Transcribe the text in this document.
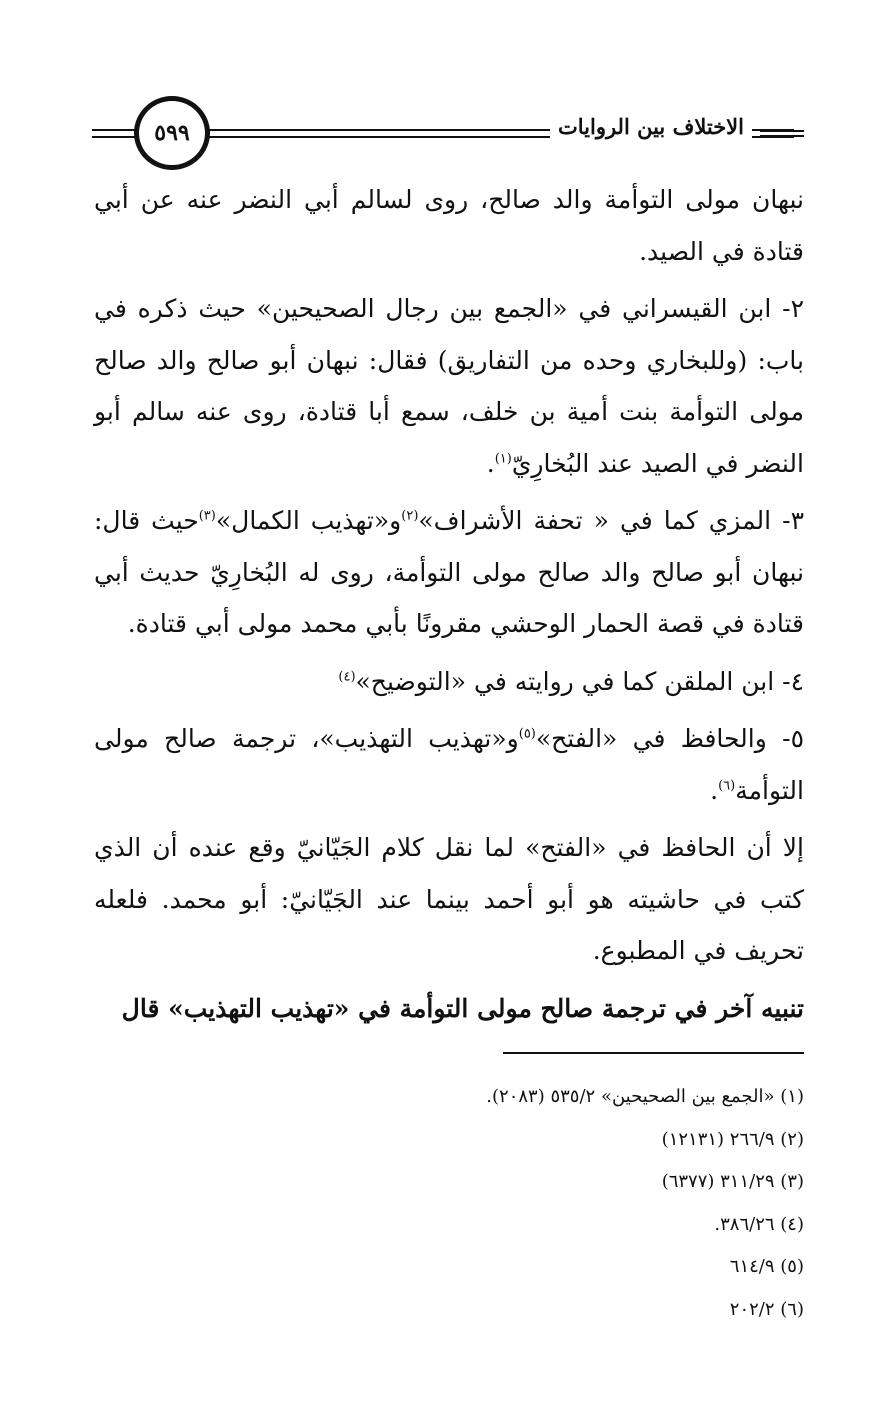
الاختلاف بين الروايات
٥٩٩

نبهان مولى التوأمة والد صالح، روى لسالم أبي النضر عنه عن أبي قتادة في الصيد.

٢- ابن القيسراني في «الجمع بين رجال الصحيحين» حيث ذكره في باب: (وللبخاري وحده من التفاريق) فقال: نبهان أبو صالح والد صالح مولى التوأمة بنت أمية بن خلف، سمع أبا قتادة، روى عنه سالم أبو النضر في الصيد عند البُخارِيّ$^{(١)}$.

٣- المزي كما في « تحفة الأشراف»$^{(٢)}$و«تهذيب الكمال»$^{(٣)}$حيث قال: نبهان أبو صالح والد صالح مولى التوأمة، روى له البُخارِيّ حديث أبي قتادة في قصة الحمار الوحشي مقرونًا بأبي محمد مولى أبي قتادة.

٤- ابن الملقن كما في روايته في «التوضيح»$^{(٤)}$

٥- والحافظ في «الفتح»$^{(٥)}$و«تهذيب التهذيب»، ترجمة صالح مولى التوأمة$^{(٦)}$.

إلا أن الحافظ في «الفتح» لما نقل كلام الجَيّانيّ وقع عنده أن الذي كتب في حاشيته هو أبو أحمد بينما عند الجَيّانيّ: أبو محمد. فلعله تحريف في المطبوع.

تنبيه آخر في ترجمة صالح مولى التوأمة في «تهذيب التهذيب» قال

(١) «الجمع بين الصحيحين» ٥٣٥/٢ (٢٠٨٣).
(٢) ٢٦٦/٩ (١٢١٣١)
(٣) ٣١١/٢٩ (٦٣٧٧)
(٤) ٣٨٦/٢٦.
(٥) ٦١٤/٩
(٦) ٢٠٢/٢
